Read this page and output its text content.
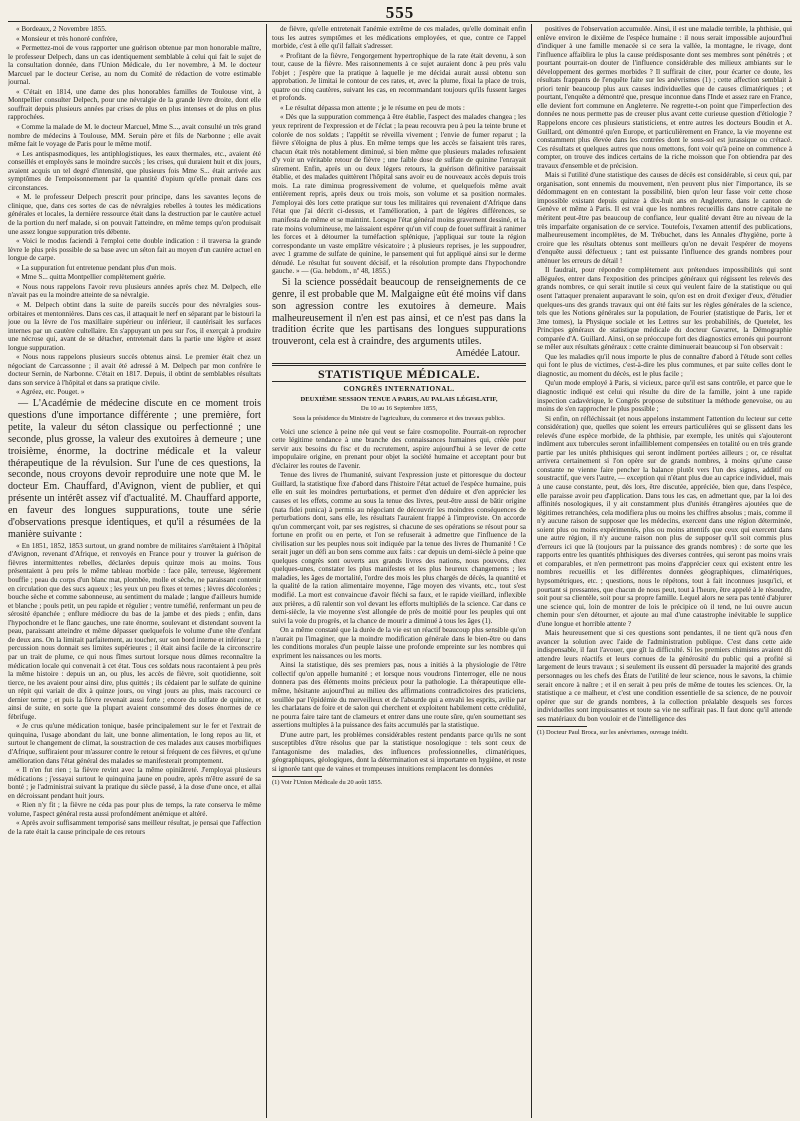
555

« Bordeaux, 2 Novembre 1855.

« Monsieur et très honoré confrère,

« Permettez-moi de vous rapporter une guérison obtenue par mon honorable maître, le professeur Delpech, dans un cas identiquement semblable à celui qui fait le sujet de la consultation donnée, dans l'Union Médicale, du 1er novembre, à M. le docteur Marcuel par le docteur Cerise, au nom du Comité de rédaction de votre estimable journal.

« C'était en 1814, une dame des plus honorables familles de Toulouse vint, à Montpellier consulter Delpech, pour une névralgie de la grande lèvre droite, dont elle souffrait depuis plusieurs années par crises de plus en plus intenses et de plus en plus rapprochées.

« Comme la malade de M. le docteur Marcuel, Mme S..., avait consulté un très grand nombre de médecins à Toulouse, MM. Seruin père et fils de Narbonne ; elle avait même fait le voyage de Paris pour le même motif.

« Les antispasmodiques, les antiphlogistiques, les eaux thermales, etc., avaient été conseillés et employés sans le moindre succès ; les crises, qui duraient huit et dix jours, avaient acquis un tel degré d'intensité, que plusieurs fois Mme S... était arrivée aux symptômes de l'empoisonnement par la quantité d'opium qu'elle prenait dans ces circonstances.

« M. le professeur Delpech prescrit pour principe, dans les savantes leçons de clinique, que, dans ces sortes de cas de névralgies rebelles à toutes les médications générales et locales, la dernière ressource était dans la destruction par le cautère actuel de la portion du nerf malade, si on pouvait l'atteindre, en même temps qu'on produisait une assez longue suppuration très débente.

« Voici le modus faciendi à l'emploi cette double indication : il traversa la grande lèvre le plus près possible de sa base avec un séton fait au moyen d'un cautère actuel en longue de carpe.

« La suppuration fut entretenue pendant plus d'un mois.

« Mme S... quitta Montpellier complètement guérie.

« Nous nous rappelons l'avoir revu plusieurs années après chez M. Delpech, elle n'avait pas eu la moindre atteinte de sa névralgie.

« M. Delpech obtint dans la suite de pareils succès pour des névralgies sous-orbitaires et mentonnières. Dans ces cas, il attaquait le nerf en séparant par le bistouri la joue ou la lèvre de l'os maxillaire supérieur ou inférieur, il cautérisait les surfaces internes par un cautère cultellaire. En s'appuyant un peu sur l'os, il exerçait à produire une nécrose qui, avant de se détacher, entretenait dans la partie une légère et assez longue suppuration.

« Nous nous rappelons plusieurs succès obtenus ainsi. Le premier était chez un négociant de Carcassonne ; il avait été adressé à M. Delpech par mon confrère le docteur Sernin, de Narbonne. C'était en 1817. Depuis, il obtint de semblables résultats dans son service à l'hôpital et dans sa pratique civile.

« Agréez, etc. Pouget. »

— L'Académie de médecine discute en ce moment trois questions d'une importance différente ; une première, fort petite, la valeur du séton classique ou perfectionné ; une seconde, plus grosse, la valeur des exutoires à demeure ; une troisième, énorme, la doctrine médicale et la valeur thérapeutique de la révulsion. Sur l'une de ces questions, la seconde, nous croyons devoir reproduire une note que M. le docteur Em. Chauffard, d'Avignon, vient de publier, et qui présente un intérêt assez vif d'actualité. M. Chauffard apporte, en faveur des longues suppurations, toute une série d'observations presque identiques, et qu'il a résumées de la manière suivante :

« En 1851, 1852, 1853 surtout, un grand nombre de militaires s'arrêtaient à l'hôpital d'Avignon, revenant d'Afrique, et renvoyés en France pour y trouver la guérison de fièvres intermittentes rebelles, déclarées depuis quinze mois au moins. Tous présentaient à peu près le même tableau morbide : face pâle, terreuse, légèrement bouffie ; peau du corps d'un blanc mat, plombée, molle et sèche, ne paraissant contenir en circulation que des sucs aqueux ; les yeux un peu fixes et ternes ; lèvres décolorées ; bouche sèche et comme sabonneuse, au sentiment du malade ; langue d'ailleurs humide et blanche ; pouls petit, un peu rapide et régulier ; ventre tuméfié, renfermant un peu de sérosité épanchée ; enflure médiocre du bas de la jambe et des pieds ; enfin, dans l'hypochondre et le flanc gauches, une rate énorme, soulevant et distendant souvent la peau, paraissant atteindre et même dépasser quelquefois le volume d'une tête d'enfant de deux ans. On la limitait parfaitement, au toucher, sur son bord interne et inférieur ; la percussion nous donnait ses limites supérieures ; il était ainsi facile de la circonscrire par un trait de plume, ce qui nous fîmes surtout lorsque nous dûmes reconnaître la médication locale qui convenait à cet état. Tous ces soldats nous racontaient à peu près la même histoire : depuis un an, ou plus, les accès de fièvre, soit quotidienne, soit tierce, ne les avaient pour ainsi dire, plus quittés ; ils cédaient par le sulfate de quinine un répit qui variait de dix à quinze jours, ou vingt jours au plus, mais raccourci ce dernier terme ; et puis la fièvre revenait aussi forte ; encore du sulfate de quinine, et ainsi de suite, en sorte que la plupart avaient consommé des doses énormes de ce fébrifuge.

« Je crus qu'une médication tonique, basée principalement sur le fer et l'extrait de quinquina, l'usage abondant du lait, une bonne alimentation, le long repos au lit, et surtout le changement de climat, la soustraction de ces malades aux causes morbifiques d'Afrique, suffiraient pour m'assurer contre le retour si fréquent de ces fièvres, et qu'une amélioration dans l'état général des malades se manifesterait promptement.

« Il n'en fut rien ; la fièvre revint avec la même opiniâtreté. J'employai plusieurs médications ; j'essayai surtout le quinquina jaune en poudre, après m'être assuré de sa bonté ; je l'administrai suivant la pratique du siècle passé, à la dose d'une once, et allai en décroissant pendant huit jours.

« Rien n'y fit ; la fièvre ne céda pas pour plus de temps, la rate conserva le même volume, l'aspect général resta aussi profondément anémique et altéré.

« Après avoir suffisamment temporisé sans meilleur résultat, je pensai que l'affection de la rate était la cause principale de ces retours

de fièvre, qu'elle entretenait l'anémie extrême de ces malades, qu'elle dominait enfin tous les autres symptômes et les médications employées, et que, contre ce l'appel morbide, c'est à elle qu'il fallait s'adresser.

« Profitant de la fièvre, l'engorgement hypertrophique de la rate était devenu, à son tour, cause de la fièvre. Mes raisonnements à ce sujet auraient donc à peu près valu l'objet ; j'espère que la pratique à laquelle je me décidai aurait aussi obtenu son approbation. Je limitai le contour de ces rates, et, avec la plume, fixai la place de trois, quatre ou cinq cautères, suivant les cas, en recommandant toujours qu'ils fussent larges et profonds.

« Le résultat dépassa mon attente ; je le résume en peu de mots :

« Dès que la suppuration commença à être établie, l'aspect des malades changea ; les yeux reprirent de l'expression et de l'éclat ; la peau recouvra peu à peu la teinte brune et colorée de nos soldats ; l'appétit se réveilla vivement ; l'envie de fumer reparut ; la fièvre s'éloigna de plus à plus. En même temps que les accès se faisaient très rares, chacun était très notablement diminué, si bien même que plusieurs malades refusaient d'y voir un véritable retour de fièvre ; une faible dose de sulfate de quinine l'enrayait sûrement. Enfin, après un ou deux légers retours, la guérison définitive paraissait établie, et des malades quittèrent l'hôpital sans avoir eu de nouveaux accès depuis trois mois. La rate diminua progressivement de volume, et quelquefois même avait entièrement repris, après deux ou trois mois, son volume et sa position normales. J'employai dès lors cette pratique sur tous les militaires qui revenaient d'Afrique dans l'état que j'ai décrit ci-dessus, et l'amélioration, à part de légères différences, se manifesta de même et se maintint. Lorsque l'état général moins gravement dessiné, et la rate moins volumineuse, me laissaient espérer qu'un vif coup de fouet suffirait à ranimer les forces et à détourner la tuméfaction splénique, j'appliquai sur toute la région correspondante un vaste emplâtre vésicatoire ; à plusieurs reprises, je les suppoudrer, avec 1 gramme de sulfate de quinine, le pansement qui fut appliqué ainsi sur le derme dénudé. Le résultat fut souvent décisif, et la résolution prompte dans l'hypochondre gauche. » — (Ga. hebdom., nº 48, 1855.)

Si la science possédait beaucoup de renseignements de ce genre, il est probable que M. Malgaigne eût été moins vif dans son agression contre les exutoires à demeure. Mais malheureusement il n'en est pas ainsi, et ce n'est pas dans la tradition écrite que les partisans des longues suppurations trouveront, cela est à craindre, des arguments utiles.

Amédée Latour.
STATISTIQUE MÉDICALE.
CONGRÈS INTERNATIONAL.
DEUXIÈME SESSION TENUE A PARIS, AU PALAIS LÉGISLATIF,
Du 10 au 16 Septembre 1855,
Sous la présidence du Ministre de l'agriculture, du commerce et des travaux publics.

Voici une science à peine née qui veut se faire cosmopolite. Pourrait-on reprocher cette légitime tendance à une branche des connaissances humaines qui, créée pour servir aux besoins du fisc et du recrutement, aspire aujourd'hui à se lever de cette impopulaire origine, en prenant pour objet la société humaine et acceptant pour but d'éclairer les routes de l'avenir.

Tenue des livres de l'humanité, suivant l'expression juste et pittoresque du docteur Guillard, la statistique fixe d'abord dans l'histoire l'état actuel de l'espèce humaine, puis elle en suit les moindres perturbations, et permet d'en déduire et d'en apprécier les causes et les effets, comme au sous la tenue des livres, peut-être aussi de bâtir origine (nata fidei punica) à permis au négociant de découvrir les moindres conséquences de perturbations dont, sans elle, les résultats l'auraient frappé à l'improviste. On accorde qu'un commerçant voit, par ses registres, si chacune de ses opérations se résout pour sa fortune en profit ou en perte, et l'on se refuserait à admettre que l'influence de la civilisation sur les peuples nous soit indiquée par la tenue des livres de l'humanité ! Ce serait juger un défi au bon sens comme aux faits : car depuis un demi-siècle à peine que quelques congrès sont ouverts aux grands livres des nations, nous pouvons, chez quelques-unes, constater les plus manifestes et les plus heureux changements ; les maladies, les âges de mortalité, l'ordre des mois les plus chargés de décès, la quantité et la qualité de la ration alimentaire moyenne, l'âge moyen des vivants, etc., tout s'est modifié. La mort est convaincue d'avoir fléchi sa faux, et le rapide vieillard, inflexible aux prières, a dû ralentir son vol devant les efforts multipliés de la science. Car dans ce demi-siècle, la vie moyenne s'est allongée de près de moitié pour les peuples qui ont suivi la voie du progrès, et la chance de mourir a diminué à tous les âges (1).

On a même constaté que la durée de la vie est un réactif beaucoup plus sensible qu'on n'aurait pu l'imaginer, que la moindre modification générale dans le bien-être ou dans les conditions morales d'un peuple laisse une profonde empreinte sur les nombres qui expriment les naissances ou les morts.

Ainsi la statistique, dès ses premiers pas, nous a initiés à la physiologie de l'être collectif qu'on appelle humanité ; et lorsque nous voudrons l'interroger, elle ne nous donnera pas des éléments moins précieux pour la pathologie. La thérapeutique elle-même, hésitante aujourd'hui au milieu des affirmations contradictoires des praticiens, souillée par l'épidémie du merveilleux et de l'absurde qui a envahi les esprits, avilie par les charlatans de foire et de salon qui cherchent et exploitent habilement cette crédulité, ne pourra faire taire tant de clameurs et entrer dans une route sûre, qu'en soumettant ses assertions multiples à la puissance des faits accumulés par la statistique.

D'une autre part, les problèmes considérables restent pendants parce qu'ils ne sont susceptibles d'être résolus que par la statistique nosologique : tels sont ceux de l'antagonisme des maladies, des influences professionnelles, climatériques, géographiques, géologiques, dont la détermination est si importante en hygiène, et reste si ignorée tant que de vaines et trompeuses intuitions remplacent les données

(1) Voir l'Union Médicale du 20 août 1855.

positives de l'observation accumulée. Ainsi, il est une maladie terrible, la phthisie, qui enlève environ le dixième de l'espèce humaine : il nous serait impossible aujourd'hui d'indiquer à une famille menacée si ce sera la vallée, la montagne, le rivage, dont l'influence affaiblira le plus la cause prédisposante dont ses membres sont pénétrés ; et pourtant pourrait-on douter de l'influence considérable des milieux ambiants sur le développement des germes morbides ? Il suffirait de citer, pour écarter ce doute, les résultats frappants de l'enquête faite sur les anévrismes (1) ; cette affection semblait à priori tenir beaucoup plus aux causes individuelles que de causes climatériques ; et pourtant, l'enquête a démontré que, presque inconnue dans l'Inde et assez rare en France, elle devient fort commune en Angleterre. Ne regrette-t-on point que l'imperfection des données ne nous permette pas de creuser plus avant cette curieuse question d'étiologie ? Rappelons encore ces plusieurs statisticiens, et entre autres les docteurs Boudin et A. Guillard, ont démontré qu'en Europe, et particulièrement en France, la vie moyenne est constamment plus élevée dans les contrées dont le sous-sol est jurassique ou crétacé. Ces résultats et quelques autres que nous omettons, font voir qu'à peine on commence à compter, on trouve des indices certains de la riche moisson que l'on obtiendra par des travaux d'ensemble et de précision.

Mais si l'utilité d'une statistique des causes de décès est considérable, si ceux qui, par organisation, sont ennemis du mouvement, n'en peuvent plus nier l'importance, ils se dédommagent en en contestant la possibilité, bien qu'on leur fasse voir cette chose impossible existant depuis quinze à dix-huit ans en Angleterre, dans le canton de Genève et même à Paris. Il est vrai que les nombres recueillis dans notre capitale ne méritent peut-être pas beaucoup de confiance, leur qualité devant être au niveau de la très imparfaite organisation de ce service. Toutefois, l'examen attentif des publications, malheureusement incomplètes, de M. Trébuchet, dans les Annales d'hygiène, porte à croire que les résultats obtenus sont meilleurs qu'on ne devait l'espérer de moyens d'enquête aussi défectueux ; tant est puissante l'influence des grands nombres pour atténuer les erreurs de détail !

Il faudrait, pour répondre complètement aux prétendues impossibilités qui sont alléguées, entrer dans l'exposition des principes généraux qui régissent les relevés des grands nombres, ce qui serait inutile si ceux qui veulent faire de la statistique ou qui osent l'attaquer prenaient auparavant le soin, qu'on est en droit d'exiger d'eux, d'étudier quelques-uns des grands travaux qui ont été faits sur les règles générales de la science, tels que les Notions générales sur la population, de Fourier (statistique de Paris, 1er et 3me tomes), la Physique sociale et les Lettres sur les probabilités, de Quetelet, les Principes généraux de statistique médicale du docteur Gavarret, la Démographie comparée d'A. Guillard. Ainsi, on se préoccupe fort des diagnostics erronés qui pourront se mêler aux résultats généraux : cette crainte diminuerait beaucoup si l'on observait :

Que les maladies qu'il nous importe le plus de connaître d'abord à l'étude sont celles qui font le plus de victimes, c'est-à-dire les plus communes, et par suite celles dont le diagnostic, au moment du décès, est le plus facile ;

Qu'un mode employé à Paris, si vicieux, parce qu'il est sans contrôle, et parce que le diagnostic indiqué est celui qui résulte du dire de la famille, joint à une rapide inspection cadavérique, le Congrès propose de substituer la méthode genevoise, ou au moins de s'en rapprocher le plus possible ;

Si enfin, on réfléchissait (et nous appelons instamment l'attention du lecteur sur cette considération) que, quelles que soient les erreurs particulières qui se glissent dans les relevés d'une espèce morbide, de la phthisie, par exemple, les unités qui s'ajouteront indûment aux tubercules seront infailliblement compensées en totalité ou en très grande partie par les unités phthisiques qui seront indûment portées ailleurs ; or, ce résultat arrivera certainement si l'on opère sur de grands nombres, à moins qu'une cause constante ne vienne faire pencher la balance plutôt vers l'un des signes, additif ou soustractif, que vers l'autre, — exception qui n'étant plus due au caprice individuel, mais à une cause constante, peut, dès lors, être discutée, appréciée, bien que, dans l'espèce, elle paraisse avoir peu d'application. Dans tous les cas, en admettant que, par la loi des affinités nosologiques, il y ait constamment plus d'unités étrangères ajoutées que de légitimes retranchées, cela modifiera plus ou moins les chiffres absolus ; mais, comme il n'y aucune raison de supposer que les médecins, exercent dans une région déterminée, soient plus ou moins expérimentés, plus ou moins attentifs que ceux qui exercent dans une autre région, il n'y aucune raison non plus de supposer qu'il soit commis plus d'erreurs ici que là (toujours par la puissance des grands nombres) : de sorte que les rapports entre les quantités phthisiques des diverses contrées, qui seront pas moins vrais et comparables, et n'en permettront pas moins d'apprécier ceux qui existent entre les nombres recueillis et les différentes données géographiques, climatériques, hypsométriques, etc. ; questions, nous le répétons, tout à fait inconnues jusqu'ici, et pourtant si pressantes, que chacun de nous peut, tout à l'heure, être appelé à le résoudre, soit pour sa clientèle, soit pour sa propre famille. Lequel alors ne sera pas tenté d'abjurer une science qui, loin de montrer de lois le précipice où il tend, ne lui ouvre aucun chemin pour s'en détourner, et ajoute au mal d'une catastrophe inévitable le supplice d'une longue et horrible attente ?

Mais heureusement que si ces questions sont pendantes, il ne tient qu'à nous d'en avancer la solution avec l'aide de l'administration publique. C'est dans cette aide indispensable, il faut l'avouer, que gît la difficulté. Si les premiers chimistes avaient dû attendre leurs réactifs et leurs cornues de la générosité du public qui a profité si largement de leurs travaux ; si seulement ils eussent dû persuader la majorité des grands personnages ou les chefs des États de l'utilité de leur science, nous le savons, la chimie serait encore à naître ; et il en serait à peu près de même de toutes les sciences. Or, la statistique a ce malheur, et c'est une condition essentielle de sa science, de ne pouvoir opérer que sur de grands nombres, à la collection préalable desquels ses forces individuelles sont impuissantes et toute sa vie ne suffirait pas. Il faut donc qu'il attende ses matériaux du bon vouloir et de l'intelligence des

(1) Docteur Paul Broca, sur les anévrismes, ouvrage inédit.
